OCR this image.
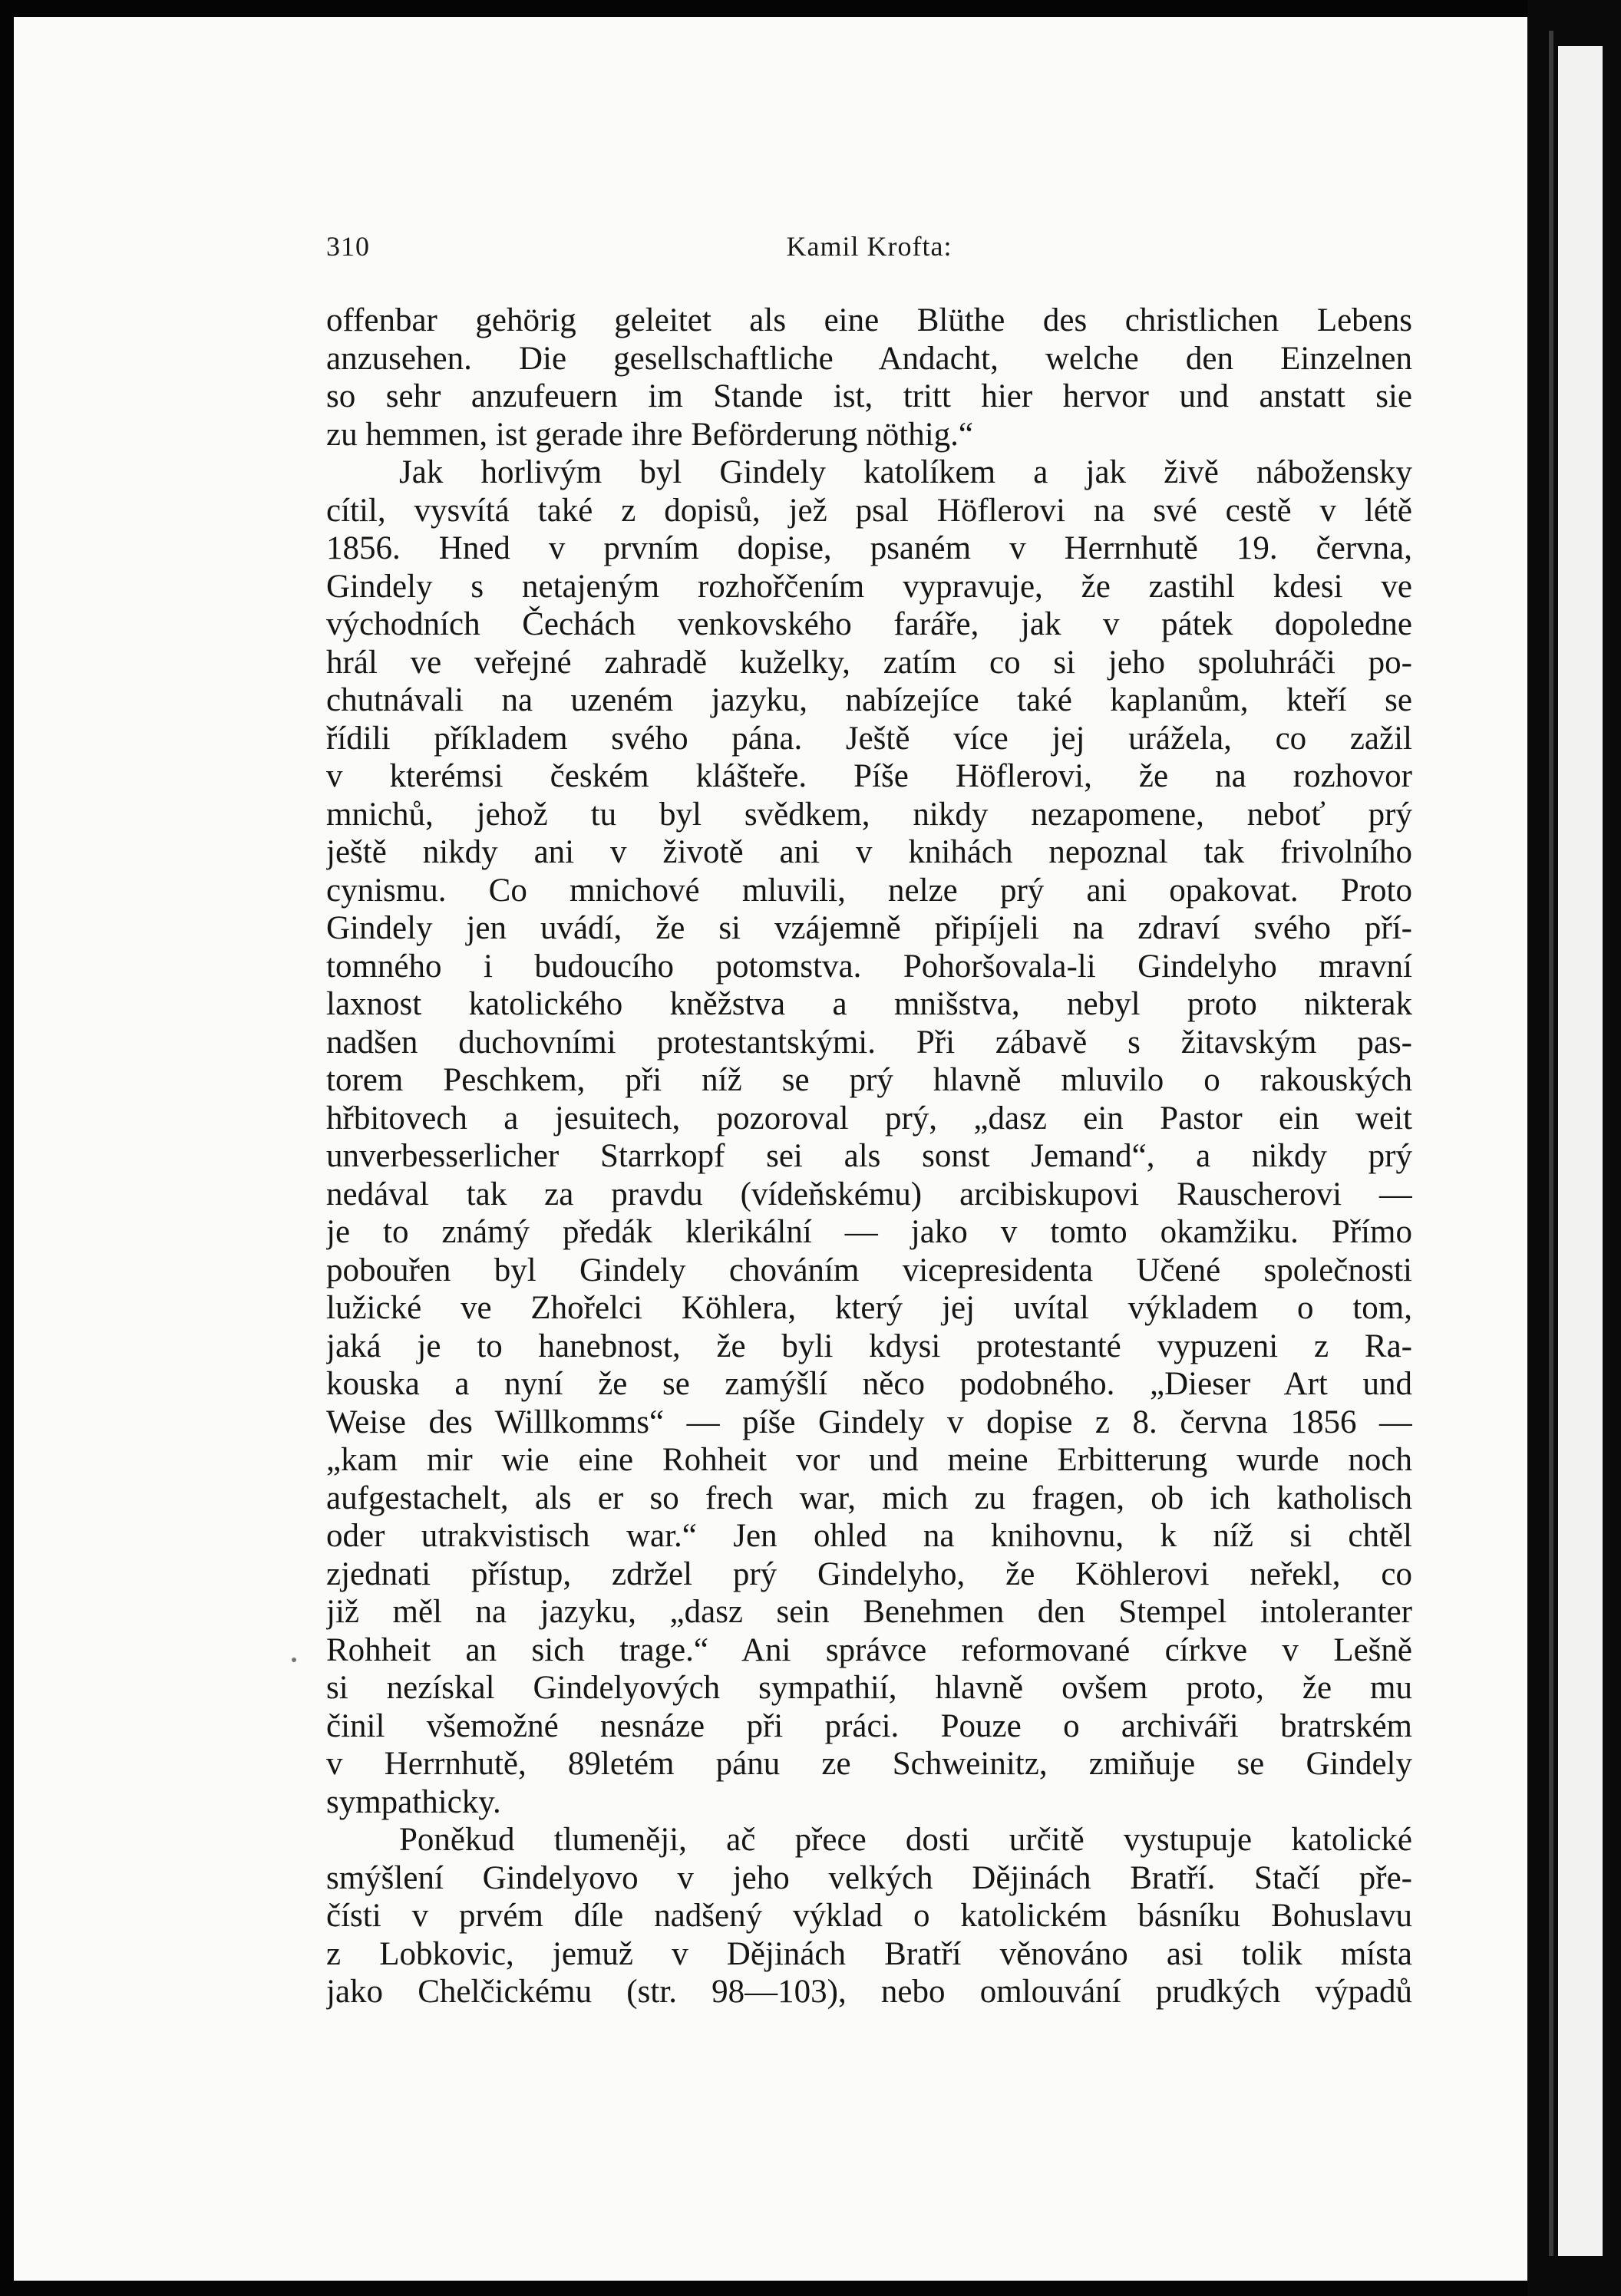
310	Kamil Krofta:
offenbar gehörig geleitet als eine Blüthe des christlichen Lebens
anzusehen. Die gesellschaftliche Andacht, welche den Einzelnen
so sehr anzufeuern im Stande ist, tritt hier hervor und anstatt sie
zu hemmen, ist gerade ihre Beförderung nöthig.“
Jak horlivým byl Gindely katolíkem a jak živě nábožensky
cítil, vysvítá také z dopisů, jež psal Höflerovi na své cestě v létě
1856. Hned v prvním dopise, psaném v Herrnhutě 19. června,
Gindely s netajeným rozhořčením vypravuje, že zastihl kdesi ve
východních Čechách venkovského faráře, jak v pátek dopoledne
hrál ve veřejné zahradě kuželky, zatím co si jeho spoluhráči po-
chutnávali na uzeném jazyku, nabízejíce také kaplanům, kteří se
řídili příkladem svého pána. Ještě více jej urážela, co zažil
v kterémsi českém klášteře. Píše Höflerovi, že na rozhovor
mnichů, jehož tu byl svědkem, nikdy nezapomene, neboť prý
ještě nikdy ani v životě ani v knihách nepoznal tak frivolního
cynismu. Co mnichové mluvili, nelze prý ani opakovat. Proto
Gindely jen uvádí, že si vzájemně připíjeli na zdraví svého pří-
tomného i budoucího potomstva. Pohoršovala-li Gindelyho mravní
laxnost katolického kněžstva a mnišstva, nebyl proto nikterak
nadšen duchovními protestantskými. Při zábavě s žitavským pas-
torem Peschkem, při níž se prý hlavně mluvilo o rakouských
hřbitovech a jesuitech, pozoroval prý, „dasz ein Pastor ein weit
unverbesserlicher Starrkopf sei als sonst Jemand“, a nikdy prý
nedával tak za pravdu (vídeňskému) arcibiskupovi Rauscherovi —
je to známý předák klerikální — jako v tomto okamžiku. Přímo
pobouřen byl Gindely chováním vicepresidenta Učené společnosti
lužické ve Zhořelci Köhlera, který jej uvítal výkladem o tom,
jaká je to hanebnost, že byli kdysi protestanté vypuzeni z Ra-
kouska a nyní že se zamýšlí něco podobného. „Dieser Art und
Weise des Willkomms“ — píše Gindely v dopise z 8. června 1856 —
„kam mir wie eine Rohheit vor und meine Erbitterung wurde noch
aufgestachelt, als er so frech war, mich zu fragen, ob ich katholisch
oder utrakvistisch war.“ Jen ohled na knihovnu, k níž si chtěl
zjednati přístup, zdržel prý Gindelyho, že Köhlerovi neřekl, co
již měl na jazyku, „dasz sein Benehmen den Stempel intoleranter
Rohheit an sich trage.“ Ani správce reformované církve v Lešně
si nezískal Gindelyových sympathií, hlavně ovšem proto, že mu
činil všemožné nesnáze při práci. Pouze o archiváři bratrském
v Herrnhutě, 89letém pánu ze Schweinitz, zmiňuje se Gindely
sympathicky.
Poněkud tlumeněji, ač přece dosti určitě vystupuje katolické
smýšlení Gindelyovo v jeho velkých Dějinách Bratří. Stačí pře-
čísti v prvém díle nadšený výklad o katolickém básníku Bohuslavu
z Lobkovic, jemuž v Dějinách Bratří věnováno asi tolik místa
jako Chelčickému (str. 98—103), nebo omlouvání prudkých výpadů
